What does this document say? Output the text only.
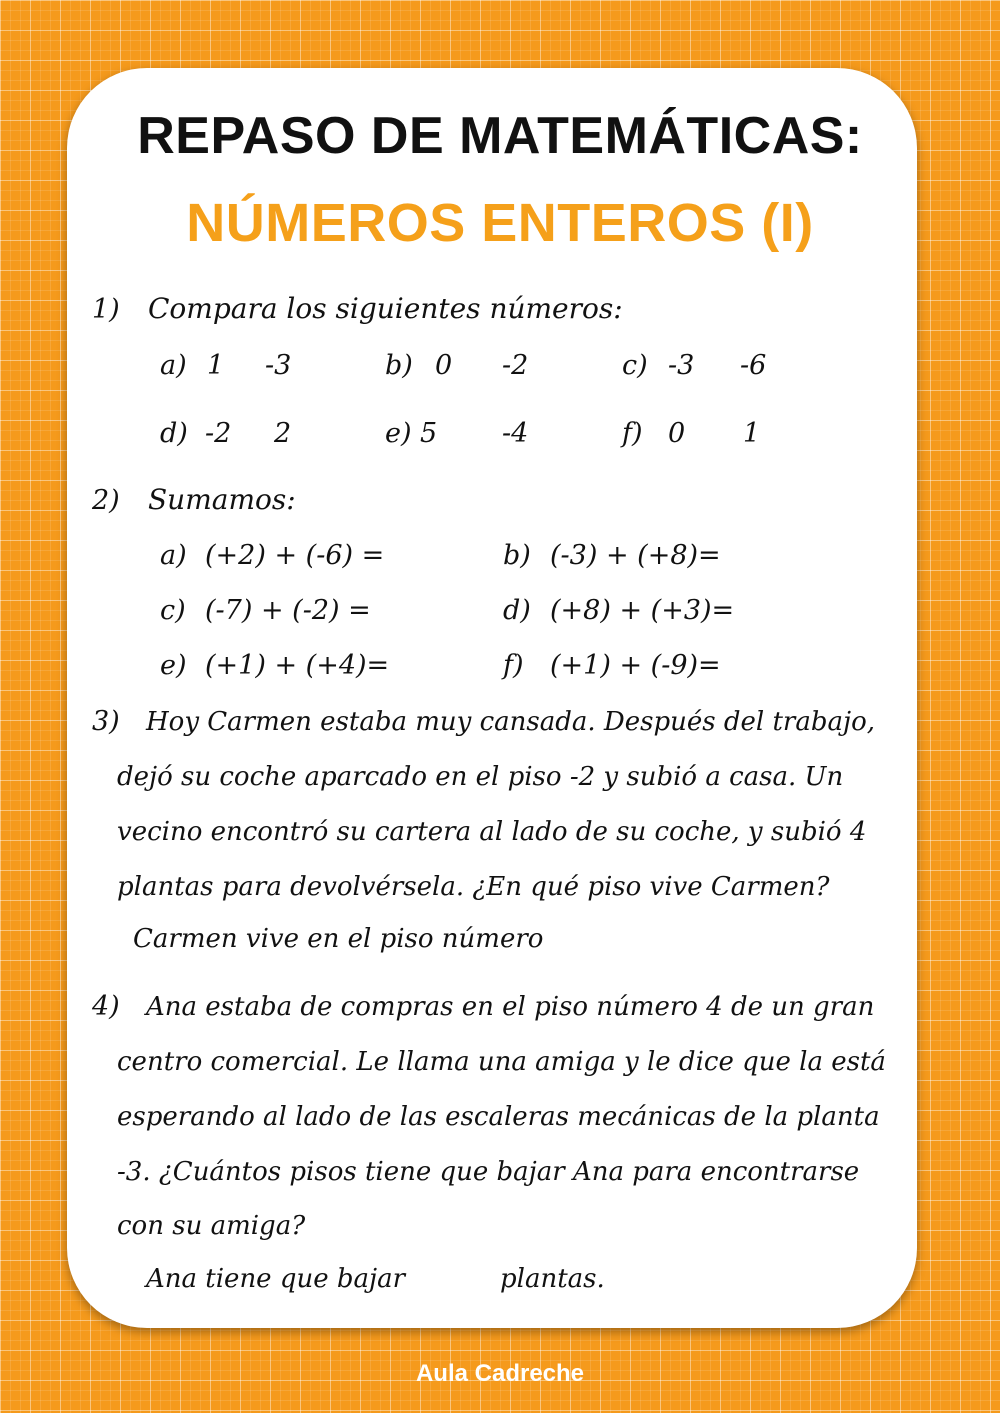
REPASO DE MATEMÁTICAS:
NÚMEROS ENTEROS (I)
1) Compara los siguientes números:
a) 1 -3	b) 0 -2	c) -3 -6
d) -2 2	e) 5 -4	f) 0 1
2) Sumamos:
a) (+2) + (-6) =	b) (-3) + (+8)=
c) (-7) + (-2) =	d) (+8) + (+3)=
e) (+1) + (+4)=	f) (+1) + (-9)=
3) Hoy Carmen estaba muy cansada. Después del trabajo,
dejó su coche aparcado en el piso -2 y subió a casa. Un
vecino encontró su cartera al lado de su coche, y subió 4
plantas para devolvérsela. ¿En qué piso vive Carmen?
Carmen vive en el piso número
4) Ana estaba de compras en el piso número 4 de un gran
centro comercial. Le llama una amiga y le dice que la está
esperando al lado de las escaleras mecánicas de la planta
-3. ¿Cuántos pisos tiene que bajar Ana para encontrarse
con su amiga?
Ana tiene que bajar	plantas.
Aula Cadreche
